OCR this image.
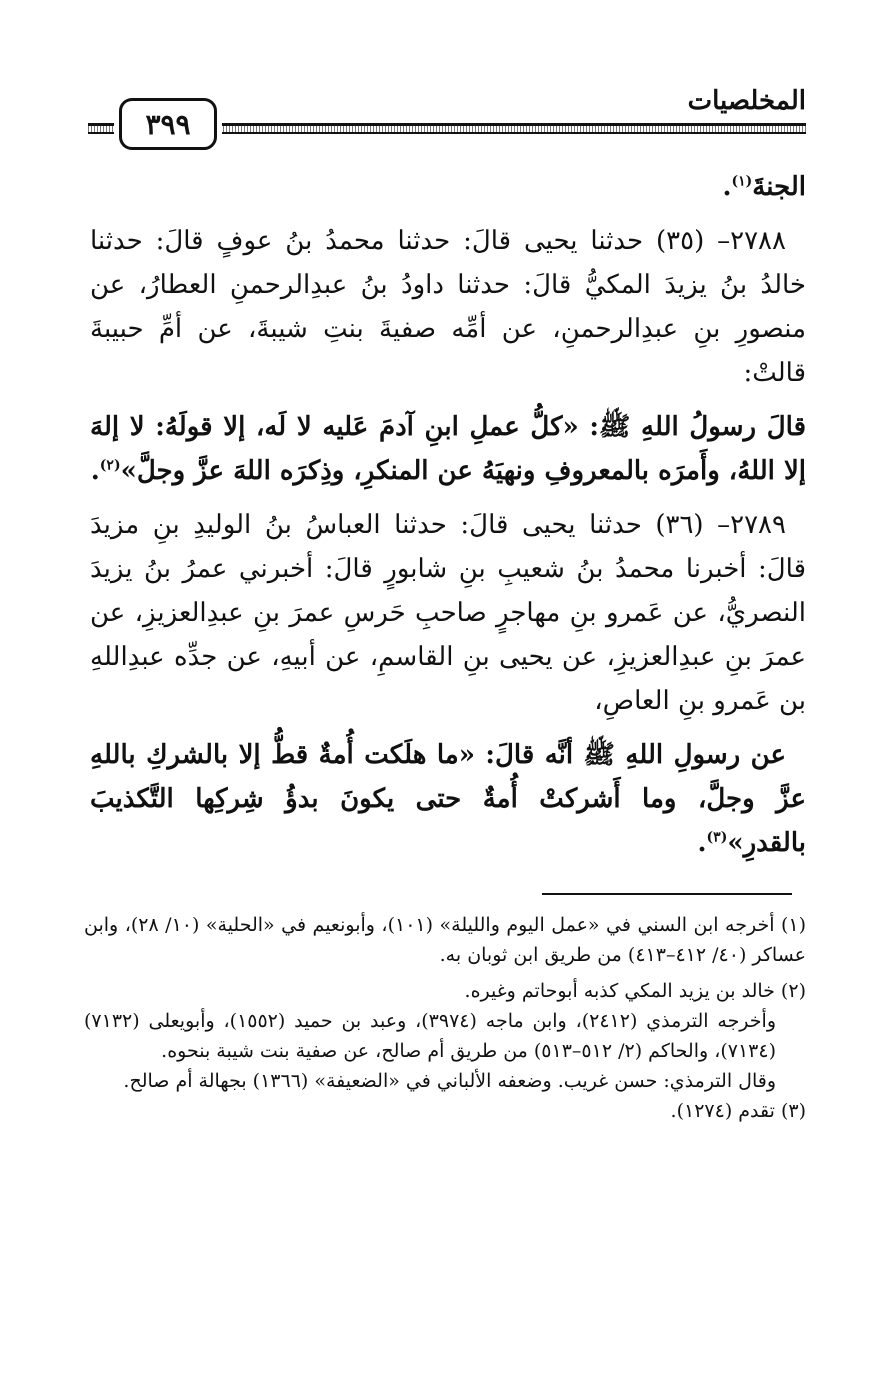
المخلصيات
٣٩٩

الجنةَ$^{(١)}$.

٢٧٨٨– (٣٥) حدثنا يحيى قالَ: حدثنا محمدُ بنُ عوفٍ قالَ: حدثنا خالدُ بنُ يزيدَ المكيُّ قالَ: حدثنا داودُ بنُ عبدِالرحمنِ العطارُ، عن منصورِ بنِ عبدِالرحمنِ، عن أمِّه صفيةَ بنتِ شيبةَ، عن أمِّ حبيبةَ قالتْ:

قالَ رسولُ اللهِ ﷺ: «كلُّ عملِ ابنِ آدمَ عَليه لا لَه، إلا قولَهُ: لا إلهَ إلا اللهُ، وأَمرَه بالمعروفِ ونهيَهُ عن المنكرِ، وذِكرَه اللهَ عزَّ وجلَّ»$^{(٢)}$.

٢٧٨٩– (٣٦) حدثنا يحيى قالَ: حدثنا العباسُ بنُ الوليدِ بنِ مزيدَ قالَ: أخبرنا محمدُ بنُ شعيبِ بنِ شابورٍ قالَ: أخبرني عمرُ بنُ يزيدَ النصريُّ، عن عَمرو بنِ مهاجرٍ صاحبِ حَرسِ عمرَ بنِ عبدِالعزيزِ، عن عمرَ بنِ عبدِالعزيزِ، عن يحيى بنِ القاسمِ، عن أبيهِ، عن جدِّه عبدِاللهِ بن عَمرو بنِ العاصِ،

عن رسولِ اللهِ ﷺ أنَّه قالَ: «ما هلَكت أُمةٌ قطُّ إلا بالشركِ باللهِ عزَّ وجلَّ، وما أَشركتْ أُمةٌ حتى يكونَ بدؤُ شِركِها التَّكذيبَ بالقدرِ»$^{(٣)}$.

(١) أخرجه ابن السني في «عمل اليوم والليلة» (١٠١)، وأبونعيم في «الحلية» (١٠/ ٢٨)، وابن عساكر (٤٠/ ٤١٢–٤١٣) من طريق ابن ثوبان به.

(٢) خالد بن يزيد المكي كذبه أبوحاتم وغيره.

وأخرجه الترمذي (٢٤١٢)، وابن ماجه (٣٩٧٤)، وعبد بن حميد (١٥٥٢)، وأبويعلى (٧١٣٢) (٧١٣٤)، والحاكم (٢/ ٥١٢–٥١٣) من طريق أم صالح، عن صفية بنت شيبة بنحوه.

وقال الترمذي: حسن غريب. وضعفه الألباني في «الضعيفة» (١٣٦٦) بجهالة أم صالح.

(٣) تقدم (١٢٧٤).
